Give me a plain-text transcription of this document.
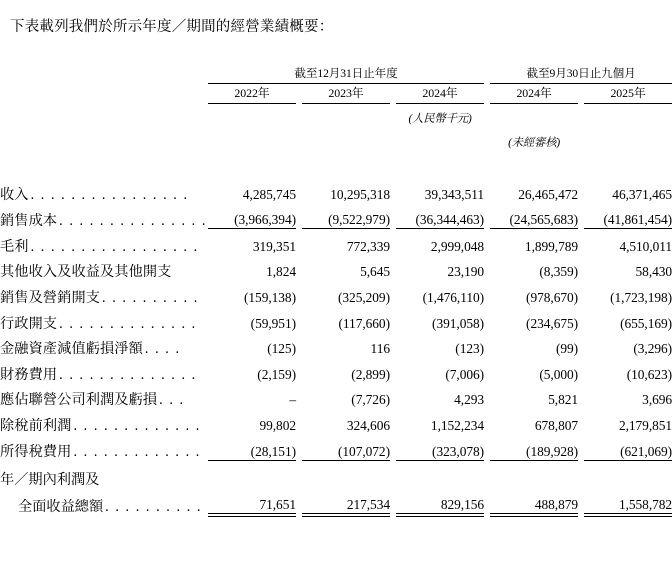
下表載列我們於所示年度／期間的經營業績概要：
	截至12月31日止年度						截至9月30日止九個月		

	2022年		2023年		2024年		2024年		2025年

					(人民幣千元)				
							(未經審核)		

收入 . . . . . . . . . . . . . . . .	4,285,745		10,295,318		39,343,511		26,465,472		46,371,465
銷售成本 . . . . . . . . . . . . . . .	(3,966,394)		(9,522,979)		(36,344,463)		(24,565,683)		(41,861,454)
毛利 . . . . . . . . . . . . . . . . .	319,351		772,339		2,999,048		1,899,789		4,510,011
其他收入及收益及其他開支	1,824		5,645		23,190		(8,359)		58,430
銷售及營銷開支 . . . . . . . . . .	(159,138)		(325,209)		(1,476,110)		(978,670)		(1,723,198)
行政開支 . . . . . . . . . . . . . .	(59,951)		(117,660)		(391,058)		(234,675)		(655,169)
金融資產減值虧損淨額 . . . .	(125)		116		(123)		(99)		(3,296)
財務費用 . . . . . . . . . . . . . .	(2,159)		(2,899)		(7,006)		(5,000)		(10,623)
應佔聯營公司利潤及虧損 . . .	–		(7,726)		4,293		5,821		3,696
除稅前利潤 . . . . . . . . . . . . .	99,802		324,606		1,152,234		678,807		2,179,851
所得稅費用 . . . . . . . . . . . . .	(28,151)		(107,072)		(323,078)		(189,928)		(621,069)

年／期內利潤及									
全面收益總額 . . . . . . . . . .	71,651		217,534		829,156		488,879		1,558,782
